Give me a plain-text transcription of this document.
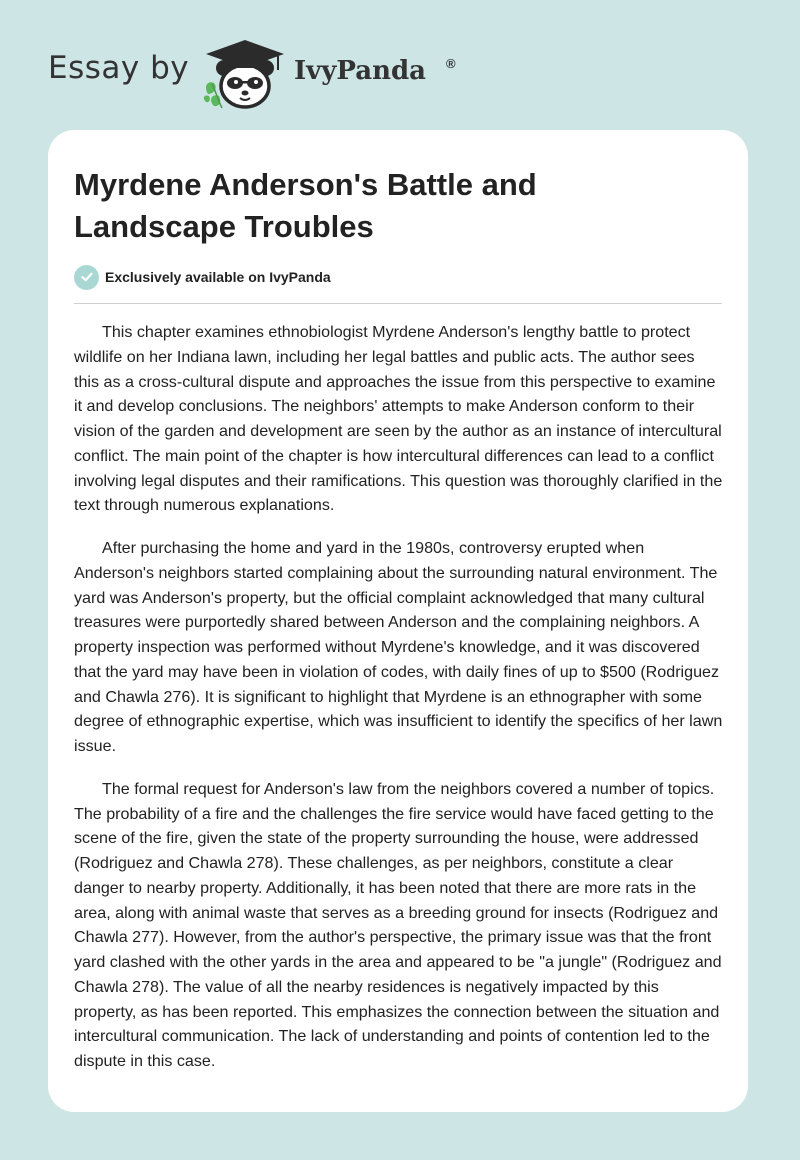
Essay by	IvyPanda ®
Myrdene Anderson's Battle and Landscape Troubles
Exclusively available on IvyPanda

This chapter examines ethnobiologist Myrdene Anderson's lengthy battle to protect wildlife on her Indiana lawn, including her legal battles and public acts. The author sees this as a cross-cultural dispute and approaches the issue from this perspective to examine it and develop conclusions. The neighbors' attempts to make Anderson conform to their vision of the garden and development are seen by the author as an instance of intercultural conflict. The main point of the chapter is how intercultural differences can lead to a conflict involving legal disputes and their ramifications. This question was thoroughly clarified in the text through numerous explanations.

After purchasing the home and yard in the 1980s, controversy erupted when Anderson's neighbors started complaining about the surrounding natural environment. The yard was Anderson's property, but the official complaint acknowledged that many cultural treasures were purportedly shared between Anderson and the complaining neighbors. A property inspection was performed without Myrdene's knowledge, and it was discovered that the yard may have been in violation of codes, with daily fines of up to $500 (Rodriguez and Chawla 276). It is significant to highlight that Myrdene is an ethnographer with some degree of ethnographic expertise, which was insufficient to identify the specifics of her lawn issue.

The formal request for Anderson's law from the neighbors covered a number of topics. The probability of a fire and the challenges the fire service would have faced getting to the scene of the fire, given the state of the property surrounding the house, were addressed (Rodriguez and Chawla 278). These challenges, as per neighbors, constitute a clear danger to nearby property. Additionally, it has been noted that there are more rats in the area, along with animal waste that serves as a breeding ground for insects (Rodriguez and Chawla 277). However, from the author's perspective, the primary issue was that the front yard clashed with the other yards in the area and appeared to be "a jungle" (Rodriguez and Chawla 278). The value of all the nearby residences is negatively impacted by this property, as has been reported. This emphasizes the connection between the situation and intercultural communication. The lack of understanding and points of contention led to the dispute in this case.
